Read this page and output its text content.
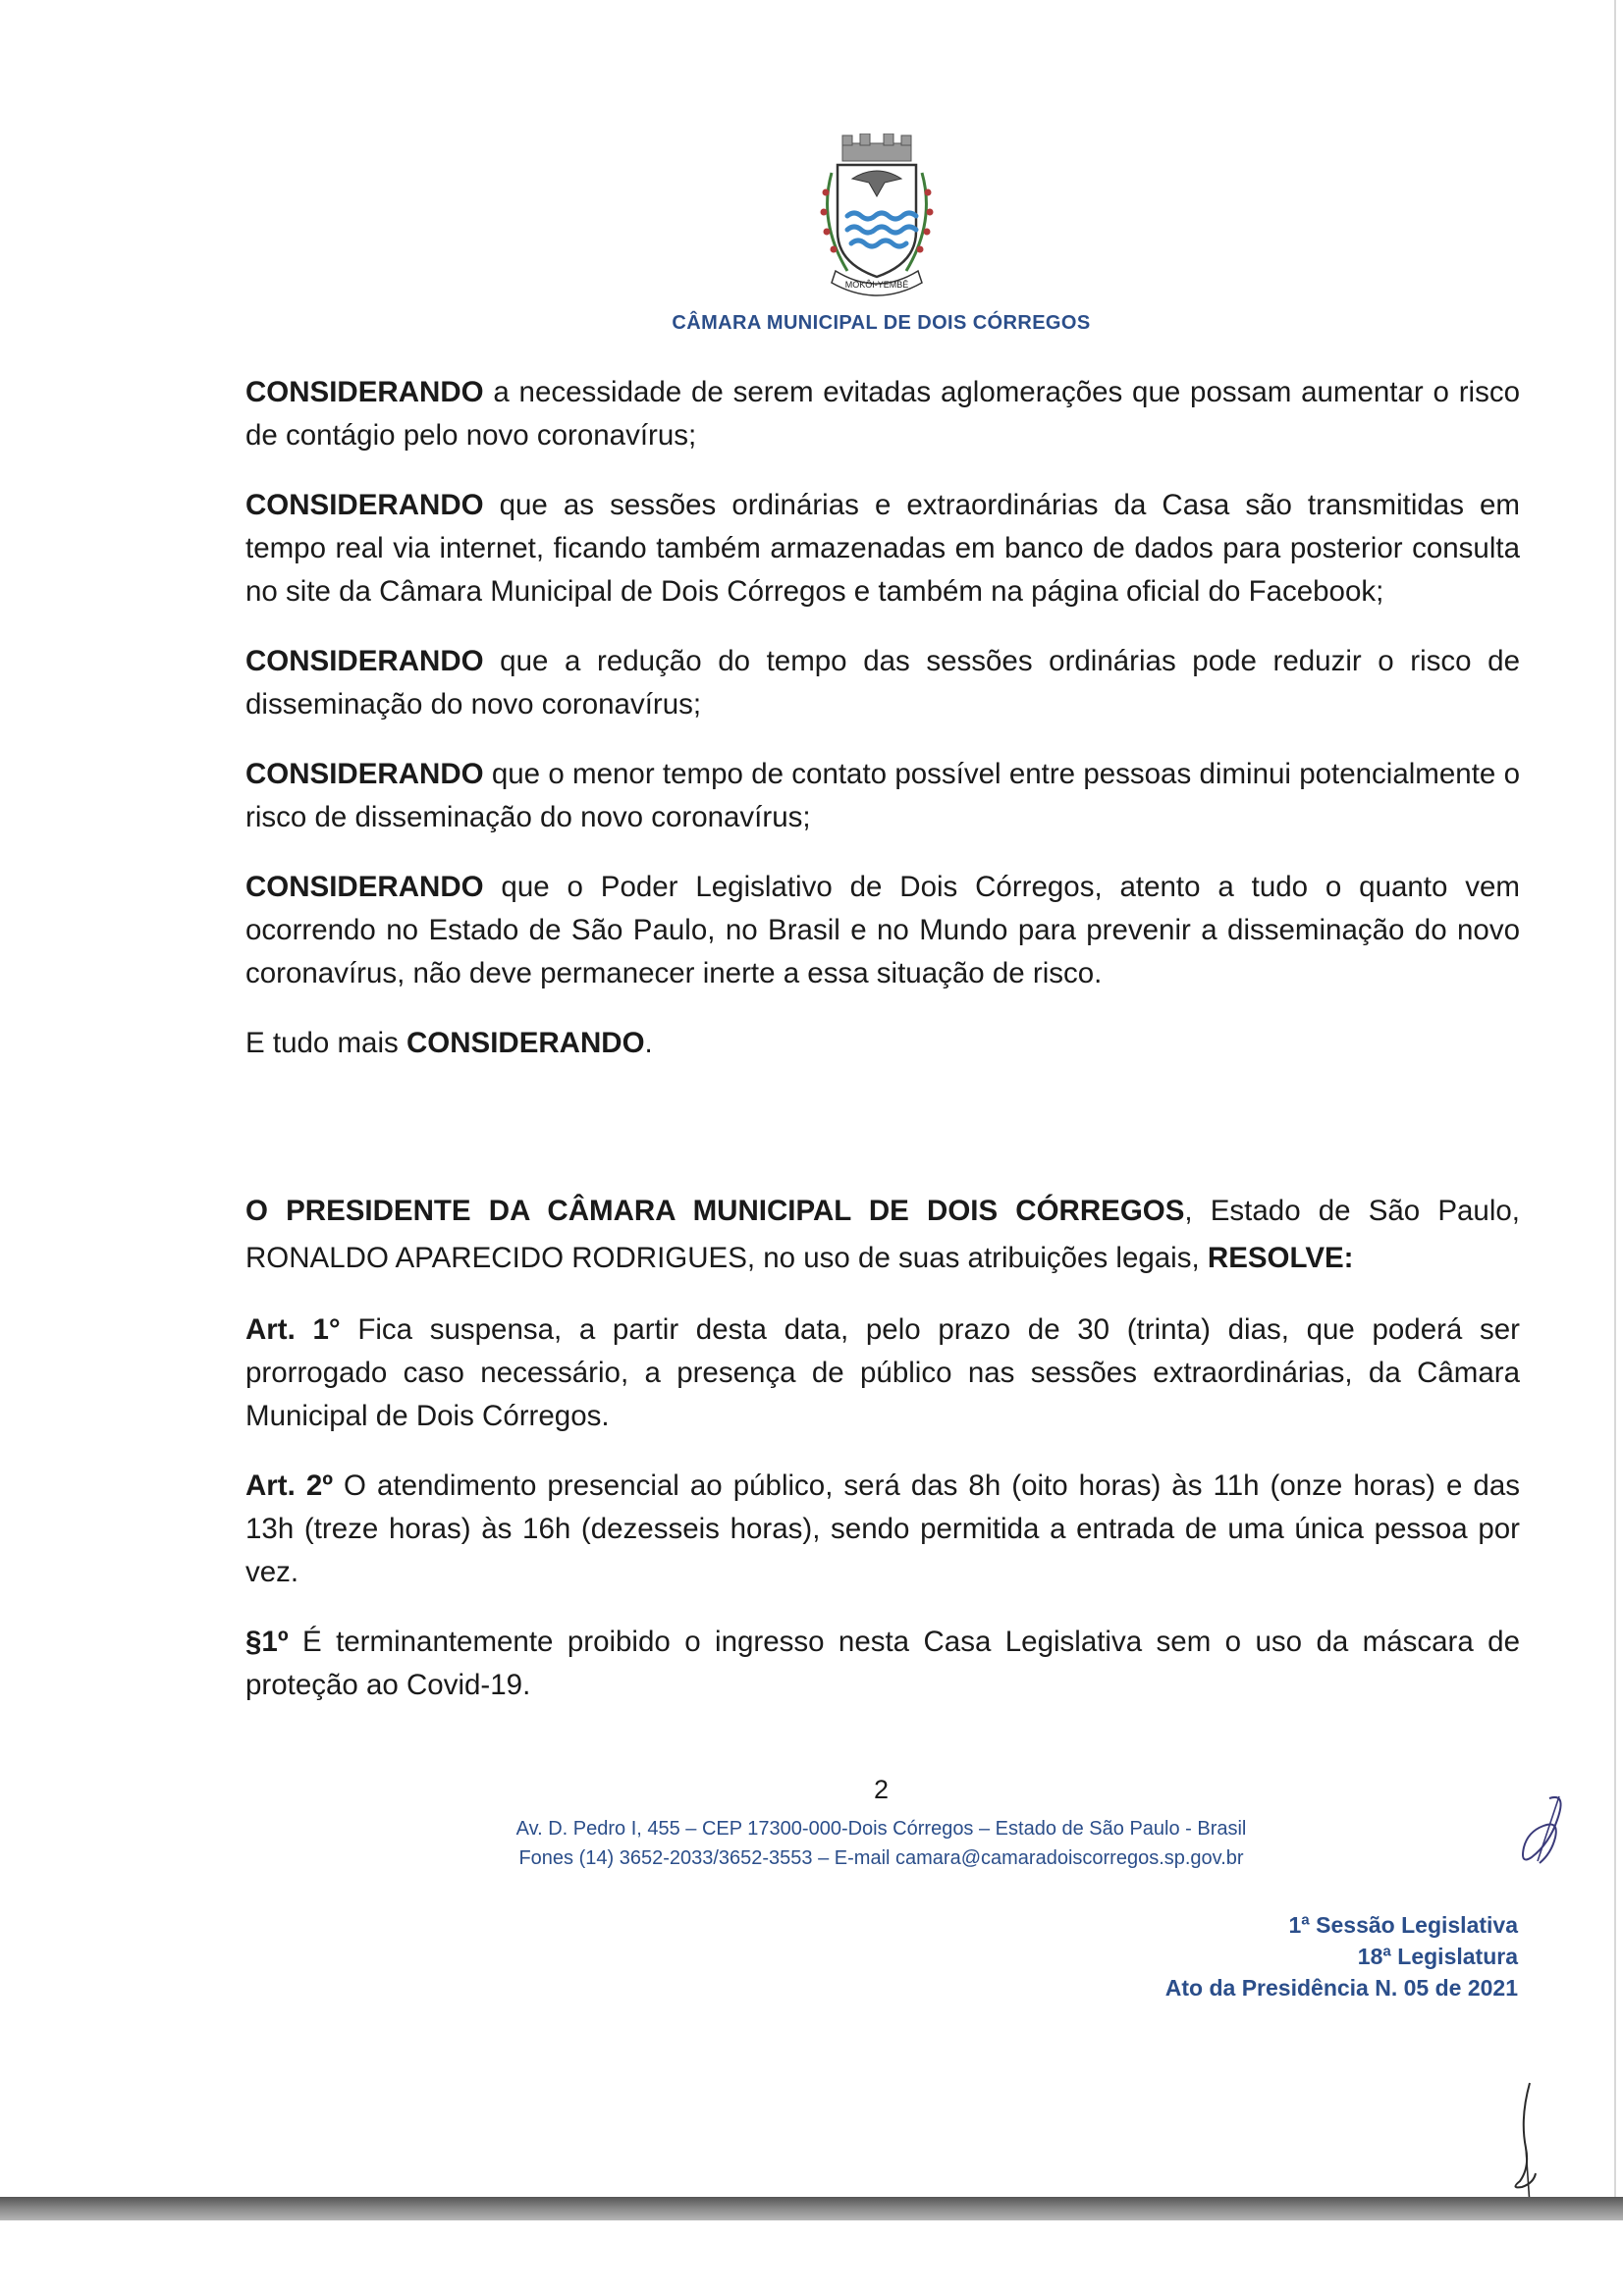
MOKÔI-YEMBÊ
CÂMARA MUNICIPAL DE DOIS CÓRREGOS

CONSIDERANDO a necessidade de serem evitadas aglomerações que possam aumentar o risco de contágio pelo novo coronavírus;

CONSIDERANDO que as sessões ordinárias e extraordinárias da Casa são transmitidas em tempo real via internet, ficando também armazenadas em banco de dados para posterior consulta no site da Câmara Municipal de Dois Córregos e também na página oficial do Facebook;

CONSIDERANDO que a redução do tempo das sessões ordinárias pode reduzir o risco de disseminação do novo coronavírus;

CONSIDERANDO que o menor tempo de contato possível entre pessoas diminui potencialmente o risco de disseminação do novo coronavírus;

CONSIDERANDO que o Poder Legislativo de Dois Córregos, atento a tudo o quanto vem ocorrendo no Estado de São Paulo, no Brasil e no Mundo para prevenir a disseminação do novo coronavírus, não deve permanecer inerte a essa situação de risco.

E tudo mais CONSIDERANDO.

O PRESIDENTE DA CÂMARA MUNICIPAL DE DOIS CÓRREGOS, Estado de São Paulo, RONALDO APARECIDO RODRIGUES, no uso de suas atribuições legais, RESOLVE:

Art. 1° Fica suspensa, a partir desta data, pelo prazo de 30 (trinta) dias, que poderá ser prorrogado caso necessário, a presença de público nas sessões extraordinárias, da Câmara Municipal de Dois Córregos.

Art. 2º O atendimento presencial ao público, será das 8h (oito horas) às 11h (onze horas) e das 13h (treze horas) às 16h (dezesseis horas), sendo permitida a entrada de uma única pessoa por vez.

§1º É terminantemente proibido o ingresso nesta Casa Legislativa sem o uso da máscara de proteção ao Covid-19.

2
Av. D. Pedro I, 455 – CEP 17300-000-Dois Córregos – Estado de São Paulo - Brasil
Fones (14) 3652-2033/3652-3553 – E-mail camara@camaradoiscorregos.sp.gov.br
1ª Sessão Legislativa
18ª Legislatura
Ato da Presidência N. 05 de 2021
